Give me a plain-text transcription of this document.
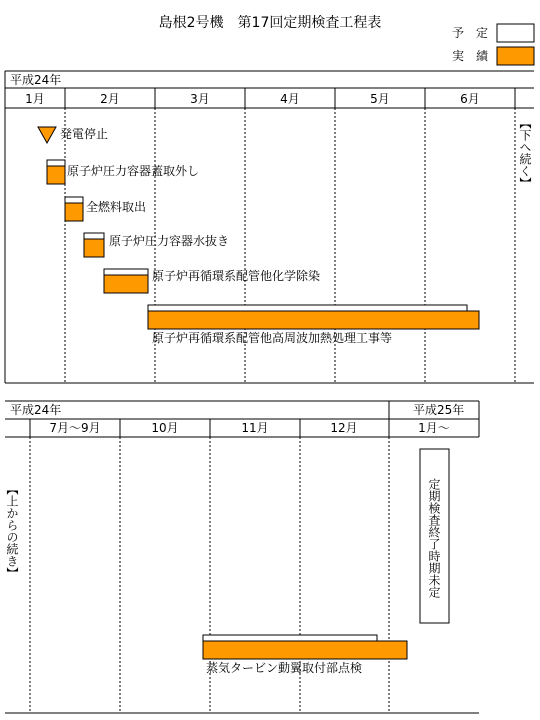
島根2号機　第17回定期検査工程表
予　定
実　績
平成24年
1月	2月	3月	4月	5月	6月
発電停止
原子炉圧力容器蓋取外し
全燃料取出
原子炉圧力容器水抜き
原子炉再循環系配管他化学除染
原子炉再循環系配管他高周波加熱処理工事等
平成24年	平成25年
7月～9月	10月	11月	12月	1月～
蒸気タービン動翼取付部点検
【下へ続く】
【上からの続き】	定期検査終了時期未定
